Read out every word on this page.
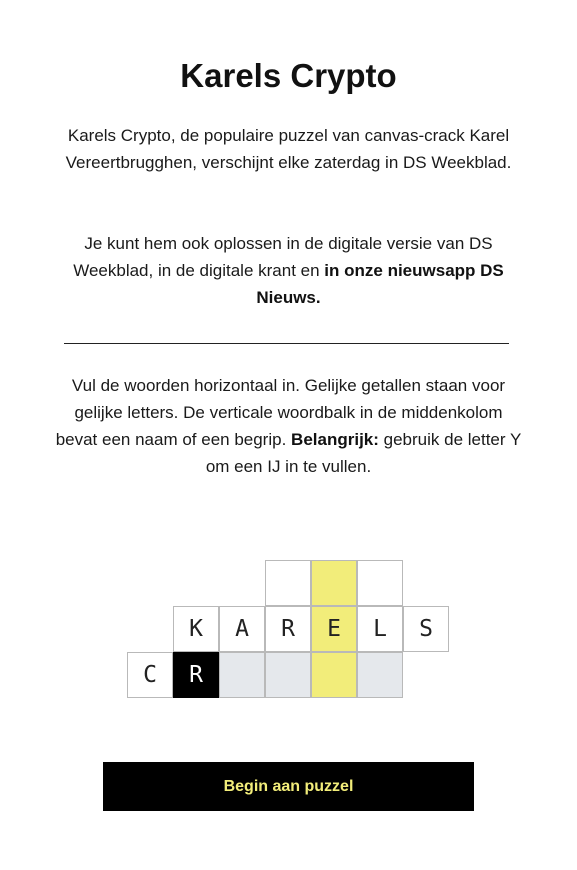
Karels Crypto

Karels Crypto, de populaire puzzel van canvas-crack Karel Vereertbrugghen, verschijnt elke zaterdag in DS Weekblad.

Je kunt hem ook oplossen in de digitale versie van DS Weekblad, in de digitale krant en in onze nieuwsapp DS Nieuws.

Vul de woorden horizontaal in. Gelijke getallen staan voor gelijke letters. De verticale woordbalk in de middenkolom bevat een naam of een begrip. Belangrijk: gebruik de letter Y om een IJ in te vullen.

K	A	R	E	L	S
C	R
Begin aan puzzel
